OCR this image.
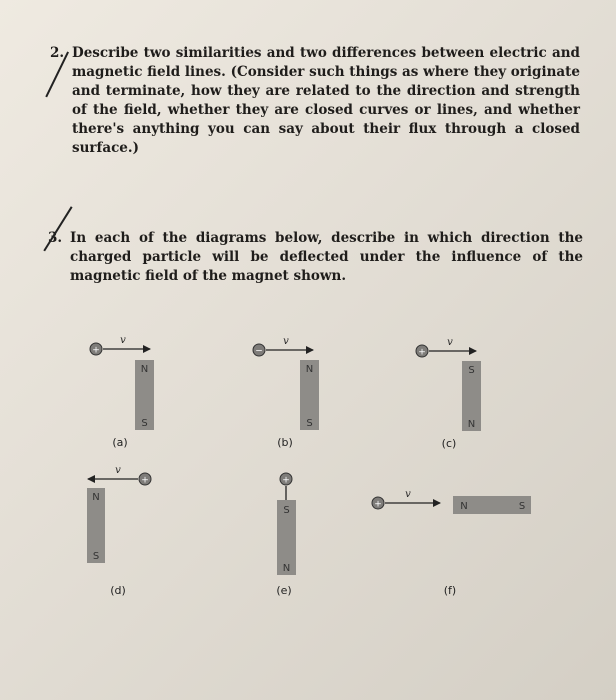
2. Describe two similarities and two differences between electric and magnetic field lines. (Consider such things as where they originate and terminate, how they are related to the direction and strength of the field, whether they are closed curves or lines, and whether there's anything you can say about their flux through a closed surface.)
3. In each of the diagrams below, describe in which direction the charged particle will be deflected under the influence of the magnetic field of the magnet shown.
+
v
N
S
(a)
−
v
N
S
(b)
+
v
S
N
(c)
+
v
N
S
(d)
+
S
N
(e)
+
v
N	S
(f)
